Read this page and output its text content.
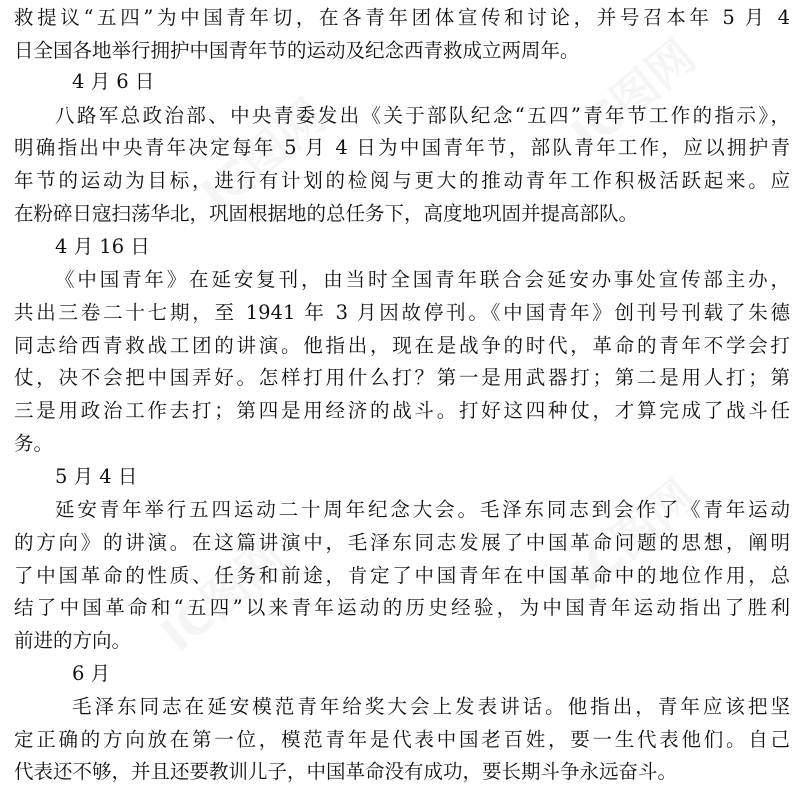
IC图网	IC图网
IC图网
IC图网
救提议“五四”为中国青年切，在各青年团体宣传和讨论，并号召本年 5 月 4
日全国各地举行拥护中国青年节的运动及纪念西青救成立两周年。
4 月 6 日
八路军总政治部、中央青委发出《关于部队纪念“五四”青年节工作的指示》，
明确指出中央青年决定每年 5 月 4 日为中国青年节，部队青年工作，应以拥护青
年节的运动为目标，进行有计划的检阅与更大的推动青年工作积极活跃起来。应
在粉碎日寇扫荡华北，巩固根据地的总任务下，高度地巩固并提高部队。
4 月 16 日
《中国青年》在延安复刊，由当时全国青年联合会延安办事处宣传部主办，
共出三卷二十七期，至 1941 年 3 月因故停刊。《中国青年》创刊号刊载了朱德
同志给西青救战工团的讲演。他指出，现在是战争的时代，革命的青年不学会打
仗，决不会把中国弄好。怎样打用什么打？第一是用武器打；第二是用人打；第
三是用政治工作去打；第四是用经济的战斗。打好这四种仗，才算完成了战斗任
务。
5 月 4 日
延安青年举行五四运动二十周年纪念大会。毛泽东同志到会作了《青年运动
的方向》的讲演。在这篇讲演中，毛泽东同志发展了中国革命问题的思想，阐明
了中国革命的性质、任务和前途，肯定了中国青年在中国革命中的地位作用，总
结了中国革命和“五四”以来青年运动的历史经验，为中国青年运动指出了胜利
前进的方向。
6 月
毛泽东同志在延安模范青年给奖大会上发表讲话。他指出，青年应该把坚
定正确的方向放在第一位，模范青年是代表中国老百姓，要一生代表他们。自己
代表还不够，并且还要教训儿子，中国革命没有成功，要长期斗争永远奋斗。
